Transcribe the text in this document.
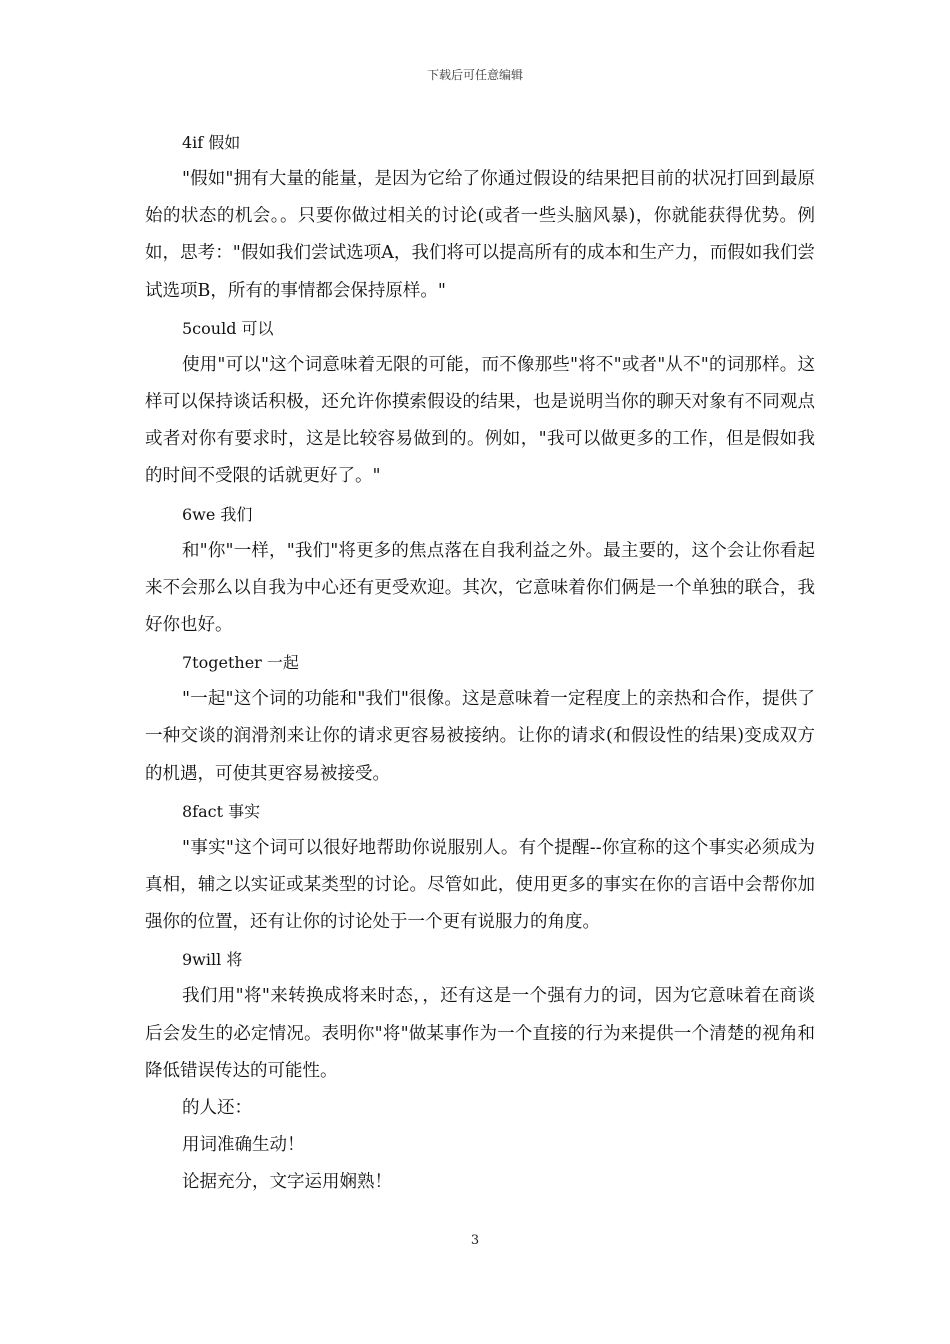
下载后可任意编辑

4if 假如

"假如"拥有大量的能量，是因为它给了你通过假设的结果把目前的状况打回到最原始的状态的机会。。只要你做过相关的讨论(或者一些头脑风暴)，你就能获得优势。例如，思考："假如我们尝试选项A，我们将可以提高所有的成本和生产力，而假如我们尝试选项B，所有的事情都会保持原样。"

5could 可以

使用"可以"这个词意味着无限的可能，而不像那些"将不"或者"从不"的词那样。这样可以保持谈话积极，还允许你摸索假设的结果，也是说明当你的聊天对象有不同观点或者对你有要求时，这是比较容易做到的。例如，"我可以做更多的工作，但是假如我的时间不受限的话就更好了。"

6we 我们

和"你"一样，"我们"将更多的焦点落在自我利益之外。最主要的，这个会让你看起来不会那么以自我为中心还有更受欢迎。其次，它意味着你们俩是一个单独的联合，我好你也好。

7together 一起

"一起"这个词的功能和"我们"很像。这是意味着一定程度上的亲热和合作，提供了一种交谈的润滑剂来让你的请求更容易被接纳。让你的请求(和假设性的结果)变成双方的机遇，可使其更容易被接受。

8fact 事实

"事实"这个词可以很好地帮助你说服别人。有个提醒--你宣称的这个事实必须成为真相，辅之以实证或某类型的讨论。尽管如此，使用更多的事实在你的言语中会帮你加强你的位置，还有让你的讨论处于一个更有说服力的角度。

9will 将

我们用"将"来转换成将来时态，，还有这是一个强有力的词，因为它意味着在商谈后会发生的必定情况。表明你"将"做某事作为一个直接的行为来提供一个清楚的视角和降低错误传达的可能性。

的人还：

用词准确生动！

论据充分，文字运用娴熟！

3
